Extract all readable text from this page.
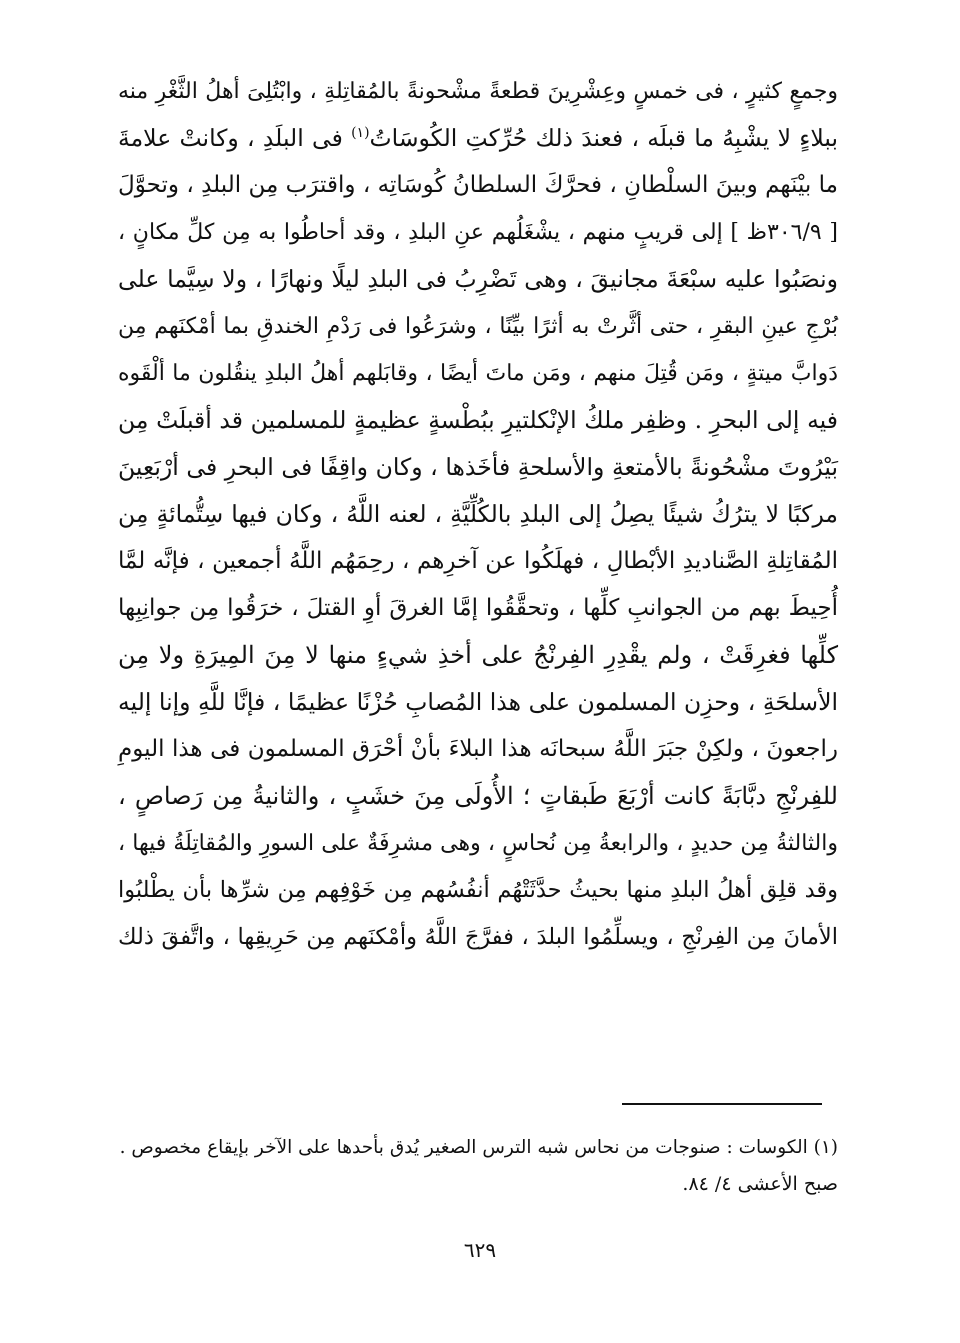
وجمعٍ كثيرٍ ، فى خمسٍ وعِشْرِينَ قطعةً مشْحونةً بالمُقاتِلةِ ، وابْتُلِىَ أهلُ الثَّغْرِ منه
ببلاءٍ لا يشْبِهُ ما قبلَه ، فعندَ ذلك حُرِّكتِ الكُوسَاتُ$^{(١)}$ فى البلَدِ ، وكانتْ علامةَ
ما بيْنَهم وبينَ السلْطانِ ، فحرَّكَ السلطانُ كُوسَاتِه ، واقترَب مِن البلدِ ، وتحوَّلَ
[ ٣٠٦/٩ظ ] إلى قريبٍ منهم ، يشْغَلُهم عنِ البلدِ ، وقد أحاطُوا به مِن كلِّ مكانٍ ،
ونصَبُوا عليه سبْعَةَ مجانيقَ ، وهى تَضْرِبُ فى البلدِ ليلًا ونهارًا ، ولا سِيَّما على
بُرْجِ عينِ البقرِ ، حتى أثَّرتْ به أثرًا بيِّنًا ، وشرَعُوا فى رَدْمِ الخندقِ بما أمْكنَهم مِن
دَوابَّ ميتةٍ ، ومَن قُتِلَ منهم ، ومَن ماتَ أيضًا ، وقابَلهم أهلُ البلدِ ينقُلون ما ألْقَوه
فيه إلى البحرِ . وظفِر ملكُ الإنْكلتيرِ ببُطْسةٍ عظيمةٍ للمسلمين قد أقبلَتْ مِن
بَيْرُوتَ مشْحُونةً بالأمتعةِ والأسلحةِ فأخَذها ، وكان واقِفًا فى البحرِ فى أرْبَعِينَ
مركبًا لا يترُكُ شيئًا يصِلُ إلى البلدِ بالكُلِّيَّةِ ، لعنه اللَّهُ ، وكان فيها سِتُّمائةٍ مِن
المُقاتِلةِ الصَّناديدِ الأبْطالِ ، فهلَكُوا عن آخرِهم ، رحِمَهُم اللَّهُ أجمعين ، فإنَّه لمَّا
أُحِيطَ بهم من الجوانبِ كلِّها ، وتحقَّقُوا إمَّا الغرقَ أوِ القتلَ ، خرَقُوا مِن جوانِبِها
كلِّها فغرِقَتْ ، ولم يقْدِرِ الفِرنْجُ على أخذِ شيءٍ منها لا مِنَ المِيرَةِ ولا مِن
الأسلحَةِ ، وحزِن المسلمون على هذا المُصابِ حُزْنًا عظيمًا ، فإنَّا للَّهِ وإنا إليه
راجعونَ ، ولكِنْ جبَرَ اللَّهُ سبحانَه هذا البلاءَ بأنْ أحْرَق المسلمون فى هذا اليومِ
للفِرنْجِ دبَّابَةً كانت أرْبَعَ طَبقاتٍ ؛ الأُولَى مِنَ خشَبٍ ، والثانيةُ مِن رَصاصٍ ،
والثالثةُ مِن حديدٍ ، والرابعةُ مِن نُحاسٍ ، وهى مشرِفَةٌ على السورِ والمُقاتِلَةُ فيها ،
وقد قلِق أهلُ البلدِ منها بحيثُ حدَّثَتْهُم أنفُسُهم مِن خَوْفِهم مِن شرِّها بأن يطْلبُوا
الأمانَ مِن الفِرنْجِ ، ويسلِّمُوا البلدَ ، ففرَّجَ اللَّهُ وأمْكنَهم مِن حَرِيقِها ، واتَّفقَ ذلك
(١) الكوسات : صنوجات من نحاس شبه الترس الصغير يُدق بأحدها على الآخر بإيقاع مخصوص .
صبح الأعشى ٤/ ٨٤.
٦٢٩
